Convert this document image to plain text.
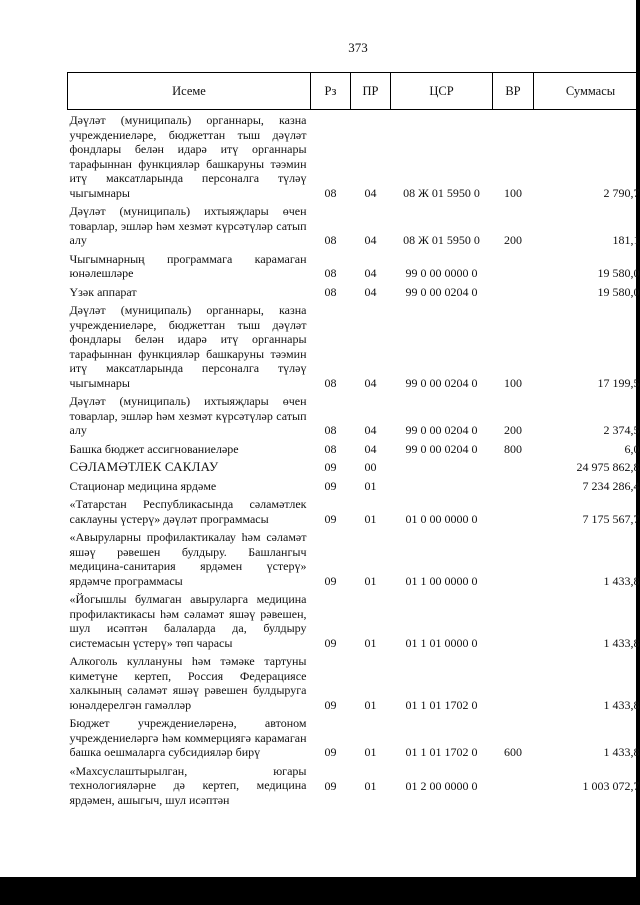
373
Исеме	Рз	ПР	ЦСР	ВР	Суммасы
Дәүләт (муниципаль) органнары, казна учреждениеләре, бюджеттан тыш дәүләт фондлары белән идарә итү органнары тарафыннан функцияләр башкаруны тәэмин итү максатларында персоналга түләү чыгымнары	08	04	08 Ж 01 5950 0	100	2 790,7
Дәүләт (муниципаль) ихтыяҗлары өчен товарлар, эшләр һәм хезмәт күрсәтүләр сатып алу	08	04	08 Ж 01 5950 0	200	181,1
Чыгымнарның программага карамаган юнәлешләре	08	04	99 0 00 0000 0		19 580,0
Үзәк аппарат	08	04	99 0 00 0204 0		19 580,0
Дәүләт (муниципаль) органнары, казна учреждениеләре, бюджеттан тыш дәүләт фондлары белән идарә итү органнары тарафыннан функцияләр башкаруны тәэмин итү максатларында персоналга түләү чыгымнары	08	04	99 0 00 0204 0	100	17 199,5
Дәүләт (муниципаль) ихтыяҗлары өчен товарлар, эшләр һәм хезмәт күрсәтүләр сатып алу	08	04	99 0 00 0204 0	200	2 374,5
Башка бюджет ассигнованиеләре	08	04	99 0 00 0204 0	800	6,0
СӘЛАМӘТЛЕК САКЛАУ	09	00			24 975 862,8
Стационар медицина ярдәме	09	01			7 234 286,4
«Татарстан Республикасында сәламәтлек саклауны үстерү» дәүләт программасы	09	01	01 0 00 0000 0		7 175 567,7
«Авыруларны профилактикалау һәм сәламәт яшәү рәвешен булдыру. Башлангыч медицина-санитария ярдәмен үстерү» ярдәмче программасы	09	01	01 1 00 0000 0		1 433,8
«Йогышлы булмаган авыруларга медицина профилактикасы һәм сәламәт яшәү рәвешен, шул исәптән балаларда да, булдыру системасын үстерү» төп чарасы	09	01	01 1 01 0000 0		1 433,8
Алкоголь куллануны һәм тәмәке тартуны киметүне кертеп, Россия Федерациясе халкының сәламәт яшәү рәвешен булдыруга юнәлдерелгән гамәлләр	09	01	01 1 01 1702 0		1 433,8
Бюджет учреждениеләренә, автоном учреждениеләргә һәм коммерциягә карамаган башка оешмаларга субсидияләр бирү	09	01	01 1 01 1702 0	600	1 433,8
«Махсуслаштырылган, югары технологияләрне дә кертеп, медицина ярдәмен, ашыгыч, шул исәптән	09	01	01 2 00 0000 0		1 003 072,7
